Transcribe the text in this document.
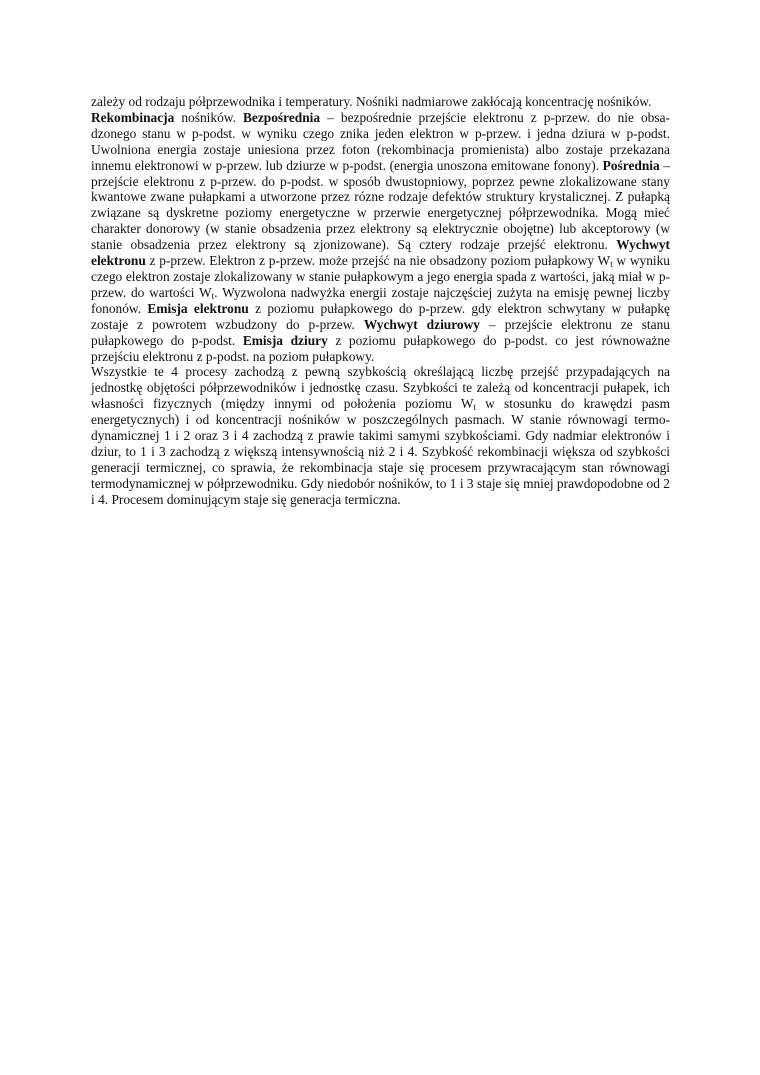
zależy od rodzaju półprzewodnika i temperatury. Nośniki nadmiarowe zakłócają koncentrację nośników.

Rekombinacja nośników. Bezpośrednia – bezpośrednie przejście elektronu z p-przew. do nie obsadzonego stanu w p-podst. w wyniku czego znika jeden elektron w p-przew. i jedna dziura w p-podst. Uwolniona energia zostaje uniesiona przez foton (rekombinacja promienista) albo zostaje przekazana innemu elektronowi w p-przew. lub dziurze w p-podst. (energia unoszona emitowane fonony). Pośrednia – przejście elektronu z p-przew. do p-podst. w sposób dwustopniowy, poprzez pewne zlokalizowane stany kwantowe zwane pułapkami a utworzone przez rózne rodzaje defektów struktury krystalicznej. Z pułapką związane są dyskretne poziomy energetyczne w przerwie energetycznej półprzewodnika. Mogą mieć charakter donorowy (w stanie obsadzenia przez elektrony są elektrycznie obojętne) lub akceptorowy (w stanie obsadzenia przez elektrony są zjonizowane). Są cztery rodzaje przejść elektronu. Wychwyt elektronu z p-przew. Elektron z p-przew. może przejść na nie obsadzony poziom pułapkowy $W_t$ w wyniku czego elektron zostaje zlokalizowany w stanie pułapkowym a jego energia spada z wartości, jaką miał w p-przew. do wartości $W_t$. Wyzwolona nadwyżka energii zostaje najczęściej zużyta na emisję pewnej liczby fononów. Emisja elektronu z poziomu pułapkowego do p-przew. gdy elektron schwytany w pułapkę zostaje z powrotem wzbudzony do p-przew. Wychwyt dziurowy – przejście elektronu ze stanu pułapkowego do p-podst. Emisja dziury z poziomu pułapkowego do p-podst. co jest równoważne przejściu elektronu z p-podst. na poziom pułapkowy.

Wszystkie te 4 procesy zachodzą z pewną szybkością określającą liczbę przejść przypadających na jednostkę objętości półprzewodników i jednostkę czasu. Szybkości te zależą od koncentracji pułapek, ich własności fizycznych (między innymi od położenia poziomu $W_t$ w stosunku do krawędzi pasm energetycznych) i od koncentracji nośników w poszczególnych pasmach. W stanie równowagi termodynamicznej 1 i 2 oraz 3 i 4 zachodzą z prawie takimi samymi szybkościami. Gdy nadmiar elektronów i dziur, to 1 i 3 zachodzą z większą intensywnością niż 2 i 4. Szybkość rekombinacji większa od szybkości generacji termicznej, co sprawia, że rekombinacja staje się procesem przywracającym stan równowagi termodynamicznej w półprzewodniku. Gdy niedobór nośników, to 1 i 3 staje się mniej prawdopodobne od 2 i 4. Procesem dominującym staje się generacja termiczna.
